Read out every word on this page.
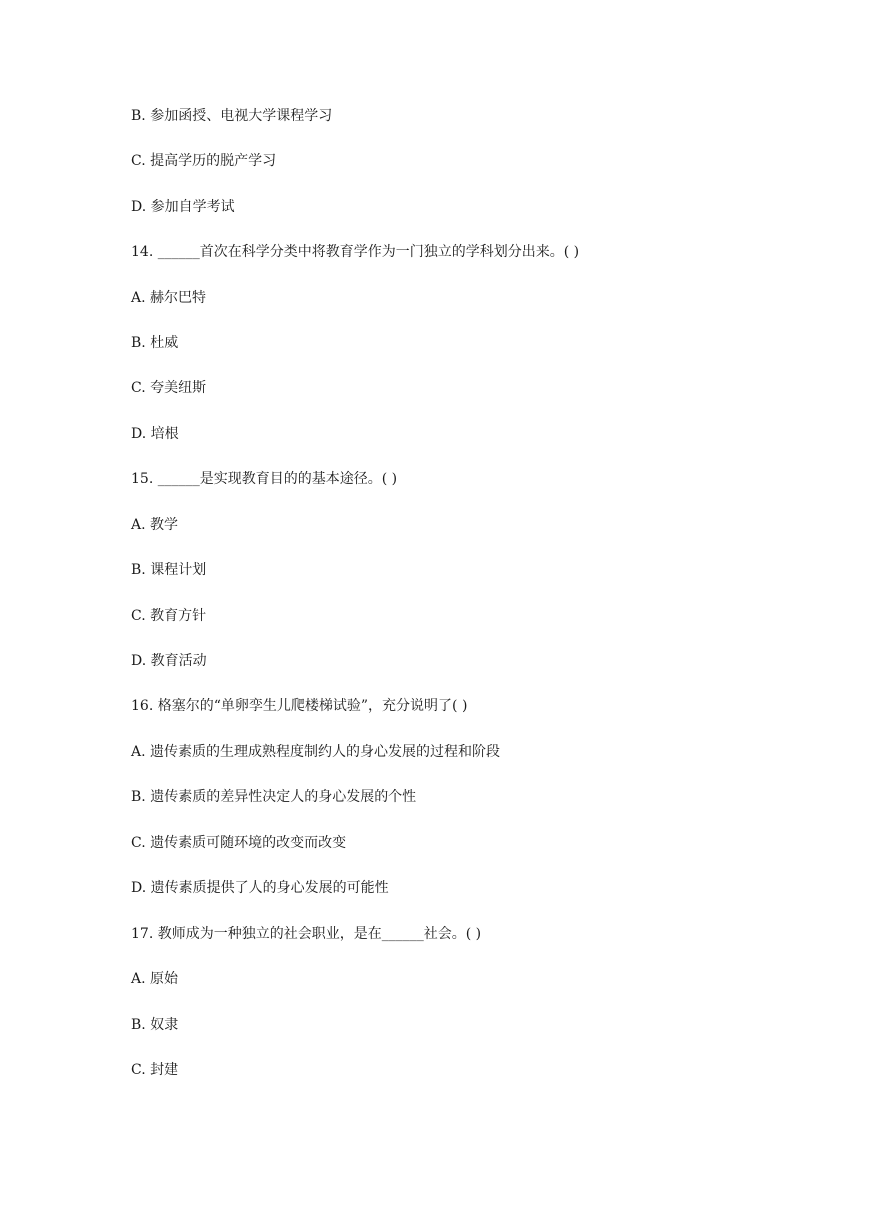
B. 参加函授、电视大学课程学习
C. 提高学历的脱产学习
D. 参加自学考试
14. ______首次在科学分类中将教育学作为一门独立的学科划分出来。( )
A. 赫尔巴特
B. 杜威
C. 夸美纽斯
D. 培根
15. ______是实现教育目的的基本途径。( )
A. 教学
B. 课程计划
C. 教育方针
D. 教育活动
16. 格塞尔的“单卵孪生儿爬楼梯试验”，充分说明了( )
A. 遗传素质的生理成熟程度制约人的身心发展的过程和阶段
B. 遗传素质的差异性决定人的身心发展的个性
C. 遗传素质可随环境的改变而改变
D. 遗传素质提供了人的身心发展的可能性
17. 教师成为一种独立的社会职业，是在______社会。( )
A. 原始
B. 奴隶
C. 封建
